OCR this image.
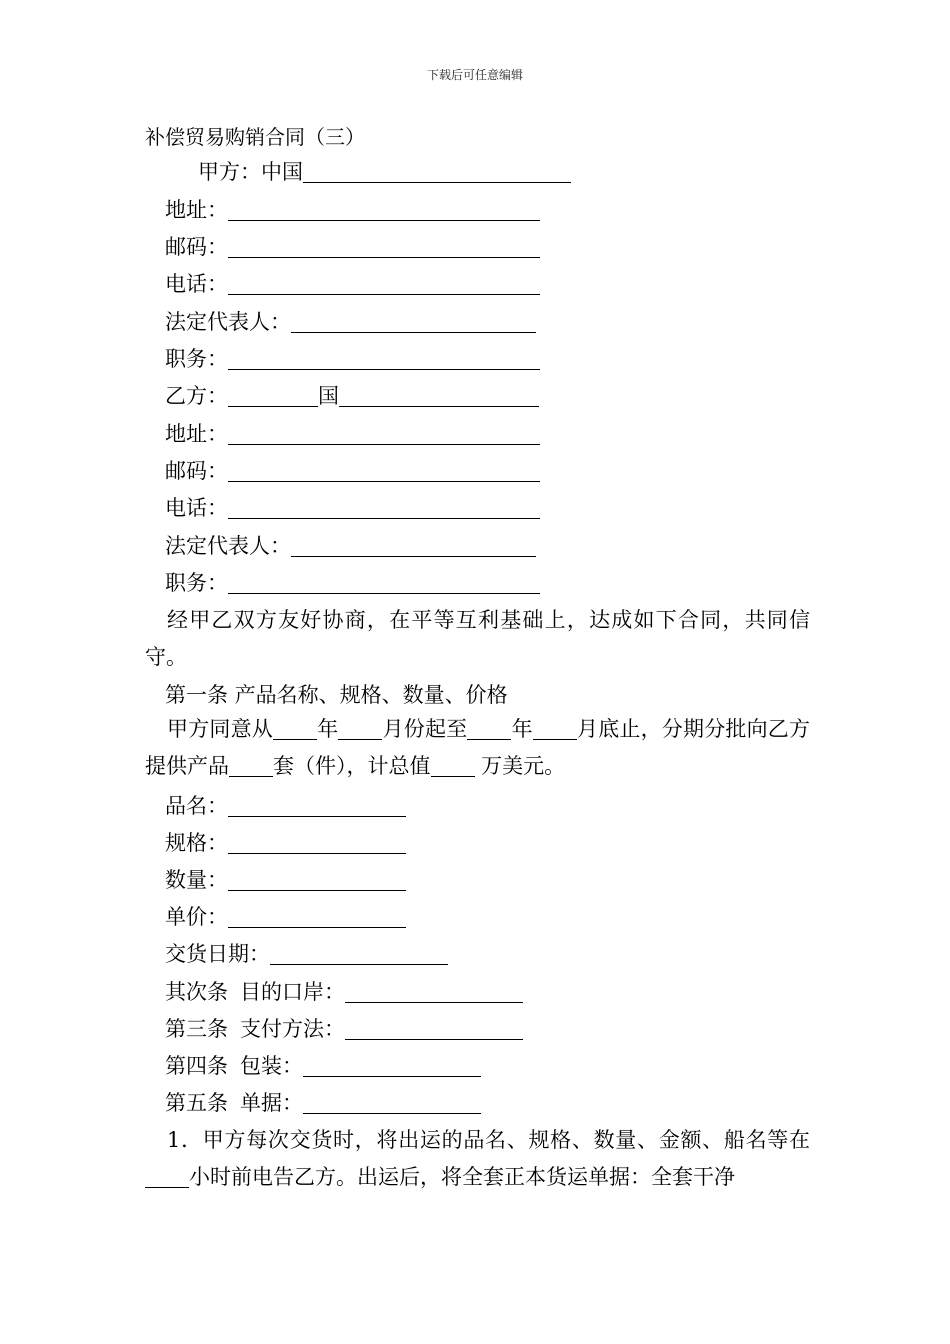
下载后可任意编辑
补偿贸易购销合同（三）
甲方：中国
地址：
邮码：
电话：
法定代表人：
职务：
乙方：	国
地址：
邮码：
电话：
法定代表人：
职务：
经甲乙双方友好协商，在平等互利基础上，达成如下合同，共同信守。
第一条 产品名称、规格、数量、价格
甲方同意从 年 月份起至 年 月底止，分期分批向乙方提供产品 套（件），计总值 万美元。
品名：
规格：
数量：
单价：
交货日期：
其次条 目的口岸：
第三条 支付方法：
第四条 包装：
第五条 单据：
1．甲方每次交货时，将出运的品名、规格、数量、金额、船名等在小时前电告乙方。出运后，将全套正本货运单据：全套干净
